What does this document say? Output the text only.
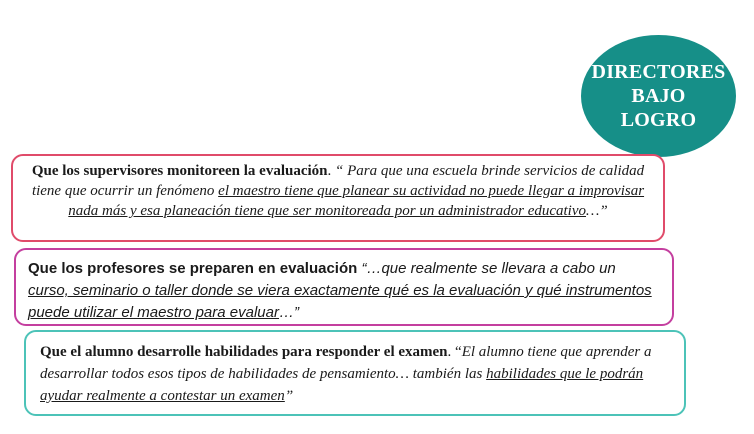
DIRECTORES
BAJO
LOGRO
Que los supervisores monitoreen la evaluación. “ Para que una escuela brinde servicios de calidad tiene que ocurrir un fenómeno el maestro tiene que planear su actividad no puede llegar a improvisar nada más y esa planeación tiene que ser monitoreada por un administrador educativo…”
Que los profesores se preparen en evaluación “…que realmente se llevara a cabo un curso, seminario o taller donde se viera exactamente qué es la evaluación y qué instrumentos puede utilizar el maestro para evaluar…”
Que el alumno desarrolle habilidades para responder el examen. “El alumno tiene que aprender a desarrollar todos esos tipos de habilidades de pensamiento… también las habilidades que le podrán ayudar realmente a contestar un examen”
